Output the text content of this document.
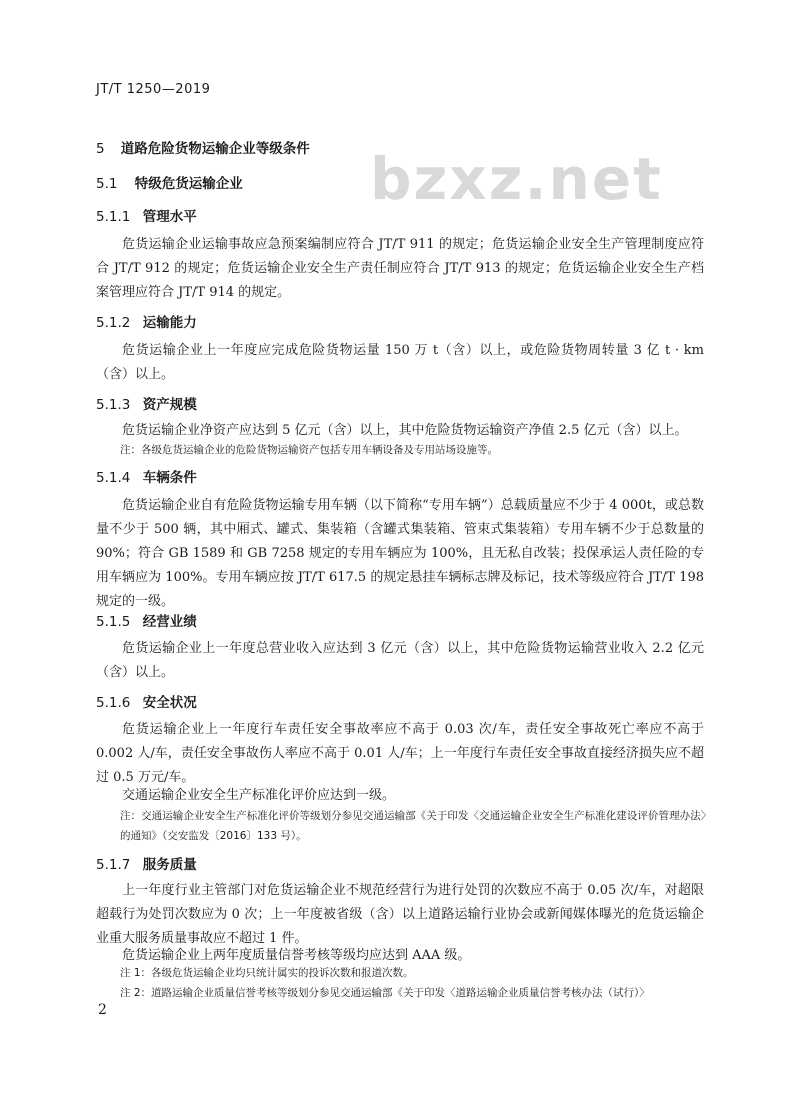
JT/T 1250—2019
bzxz.net
5 道路危险货物运输企业等级条件
5.1 特级危货运输企业
5.1.1 管理水平
危货运输企业运输事故应急预案编制应符合 JT/T 911 的规定；危货运输企业安全生产管理制度应符合 JT/T 912 的规定；危货运输企业安全生产责任制应符合 JT/T 913 的规定；危货运输企业安全生产档案管理应符合 JT/T 914 的规定。
5.1.2 运输能力
危货运输企业上一年度应完成危险货物运量 150 万 t（含）以上，或危险货物周转量 3 亿 t · km（含）以上。
5.1.3 资产规模
危货运输企业净资产应达到 5 亿元（含）以上，其中危险货物运输资产净值 2.5 亿元（含）以上。
注：各级危货运输企业的危险货物运输资产包括专用车辆设备及专用站场设施等。
5.1.4 车辆条件
危货运输企业自有危险货物运输专用车辆（以下简称“专用车辆”）总载质量应不少于 4 000t，或总数量不少于 500 辆，其中厢式、罐式、集装箱（含罐式集装箱、管束式集装箱）专用车辆不少于总数量的 90%；符合 GB 1589 和 GB 7258 规定的专用车辆应为 100%，且无私自改装；投保承运人责任险的专用车辆应为 100%。专用车辆应按 JT/T 617.5 的规定悬挂车辆标志牌及标记，技术等级应符合 JT/T 198 规定的一级。
5.1.5 经营业绩
危货运输企业上一年度总营业收入应达到 3 亿元（含）以上，其中危险货物运输营业收入 2.2 亿元（含）以上。
5.1.6 安全状况
危货运输企业上一年度行车责任安全事故率应不高于 0.03 次/车，责任安全事故死亡率应不高于 0.002 人/车，责任安全事故伤人率应不高于 0.01 人/车；上一年度行车责任安全事故直接经济损失应不超过 0.5 万元/车。
交通运输企业安全生产标准化评价应达到一级。
注：交通运输企业安全生产标准化评价等级划分参见交通运输部《关于印发〈交通运输企业安全生产标准化建设评价管理办法〉的通知》（交安监发〔2016〕133 号）。
5.1.7 服务质量
上一年度行业主管部门对危货运输企业不规范经营行为进行处罚的次数应不高于 0.05 次/车，对超限超载行为处罚次数应为 0 次；上一年度被省级（含）以上道路运输行业协会或新闻媒体曝光的危货运输企业重大服务质量事故应不超过 1 件。
危货运输企业上两年度质量信誉考核等级均应达到 AAA 级。
注 1：各级危货运输企业均只统计属实的投诉次数和报道次数。
注 2：道路运输企业质量信誉考核等级划分参见交通运输部《关于印发〈道路运输企业质量信誉考核办法（试行）〉
2
